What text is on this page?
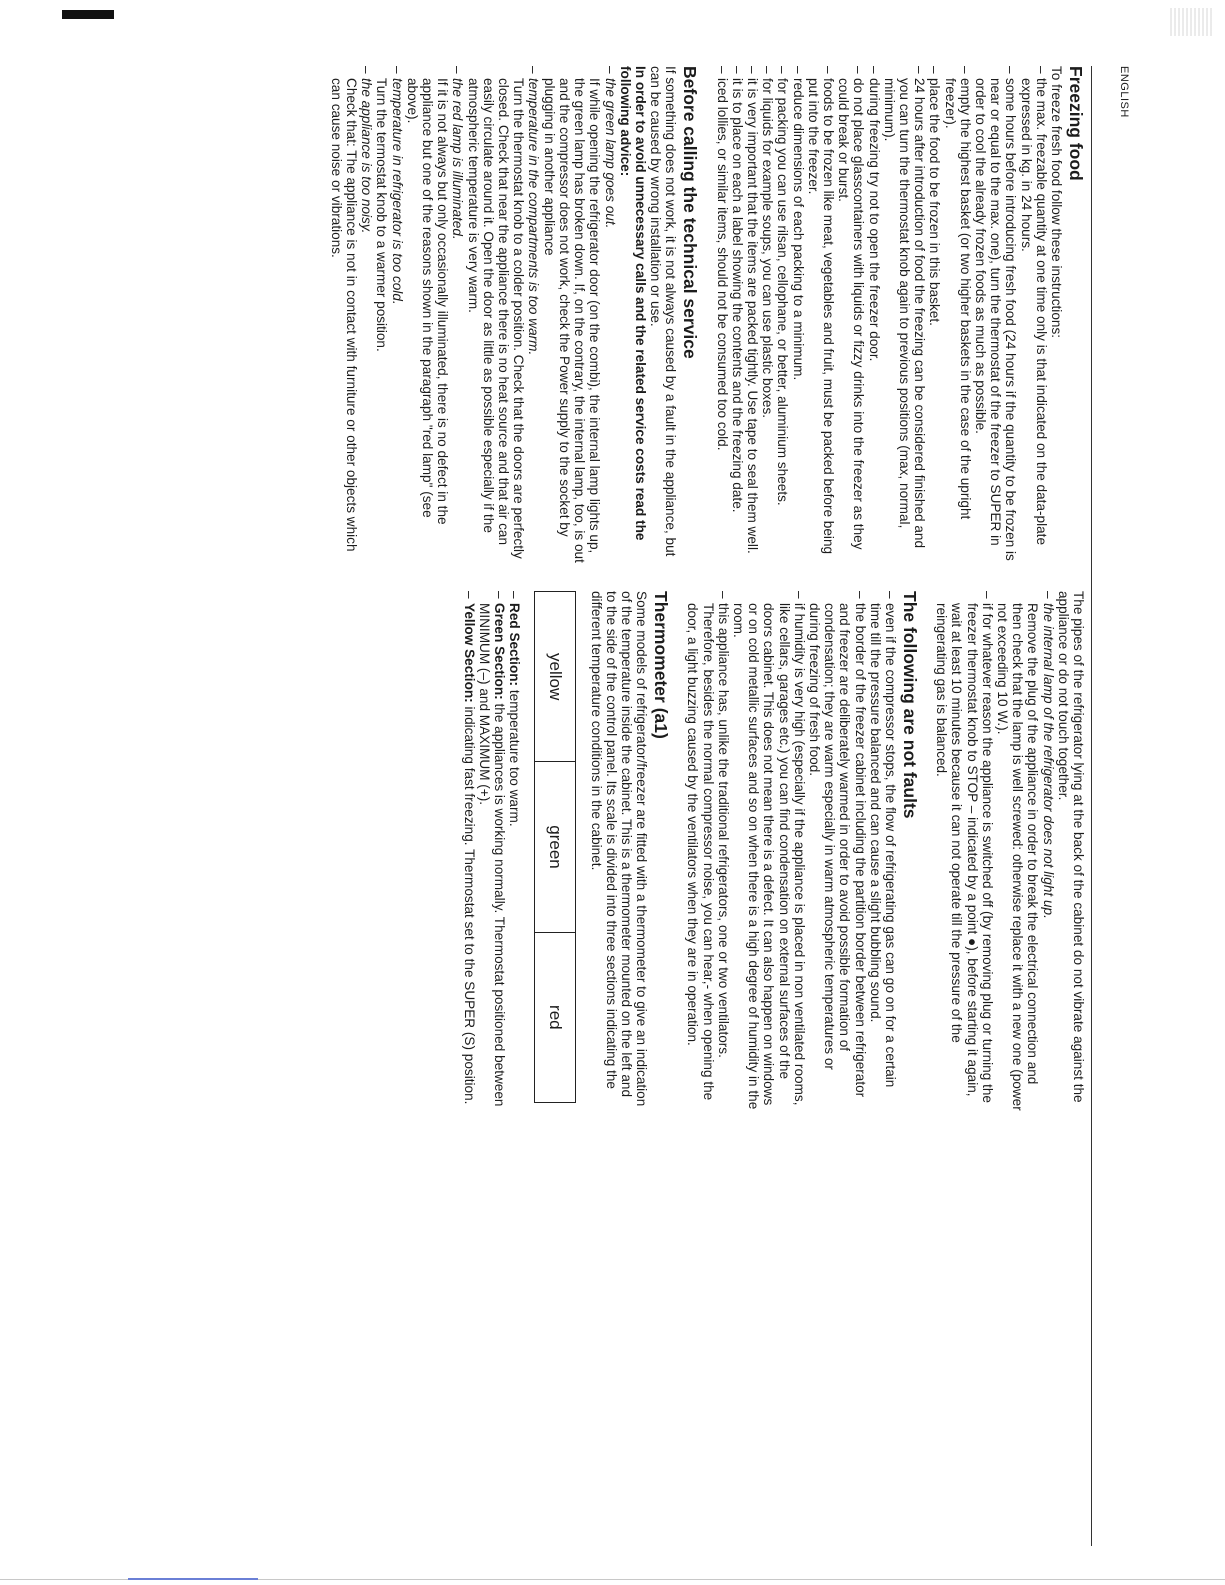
ENGLISH
Freezing food

To freeze fresh food follow these instructions:

– the max. freezable quantity at one time only is that indicated on the data-plate expressed in kg. in 24 hours.
– some hours before introducing fresh food (24 hours if the quantity to be frozen is near or equal to the max. one), turn the thermostat of the freezer to SUPER in order to cool the already frozen foods as much as possible.
– empty the highest basket (or two higher baskets in the case of the upright freezer).
– place the food to be frozen in this basket.
– 24 hours after introduction of food the freezing can be considered finished and you can turn the thermostat knob again to previous positions (max, normal, minimum).
– during freezing try not to open the freezer door.
– do not place glasscontainers with liquids or fizzy drinks into the freezer as they could break or burst.
– foods to be frozen like meat, vegetables and fruit, must be packed before being put into the freezer.
– reduce dimensions of each packing to a minimum.
– for packing you can use rilsan, cellophane, or better, aluminium sheets.
– for liquids for example soups, you can use plastic boxes.
– it is very important that the items are packed tightly. Use tape to seal them well.
– it is to place on each a label showing the contents and the freezing date.
– iced lollies, or similar items, should not be consumed too cold.
Before calling the technical service

If something does not work, it is not always caused by a fault in the appliance, but can be caused by wrong installation or use.

In order to avoid unnecessary calls and the related service costs read the following advice:

– the green lamp goes out.

If while opening the refrigerator door (on the combi), the internal lamp lights up, the green lamp has broken down. If, on the contrary, the internal lamp, too, is out and the compressor does not work, check the Power supply to the socket by plugging in another appliance

– temperature in the compartments is too warm.

Turn the thermostat knob to a colder position. Check that the doors are perfectly closed. Check that near the appliance there is no heat source and that air can easily circulate around it. Open the door as little as possible especially if the atmospheric temperature is very warm.

– the red lamp is illuminated.

If it is not always but only occasionally illuminated, there is no defect in the appliance but one of the reasons shown in the paragraph "red lamp" (see above).

– temperature in refrigerator is too cold.

Turn the termostat knob to a warmer position.

– the appliance is too noisy.

Check that: The appliance is not in contact with furniture or other objects which can cause noise or vibrations.

The pipes of the refrigerator lying at the back of the cabinet do not vibrate against the appliance or do not touch together.

– the internal lamp of the refrigerator does not light up.

Remove the plug of the appliance in order to break the electrical connection and then check that the lamp is well screwed: otherwise replace it with a new one (power not exceeding 10 W.).

– if for whatever reason the appliance is switched off (by removing plug or turning the freezer thermostat knob to STOP – indicated by a point ●), before starting it again, wait at least 10 minutes because it can not operate till the pressure of the reingerating gas is balanced.
The following are not faults
– even if the compressor stops, the flow of refrigerating gas can go on for a certain time till the pressure balanced and can cause a slight bubbling sound.
– the border of the freezer cabinet including the partition border between refrigerator and freezer are deliberately warmed in order to avoid possible formation of condensation; they are warm especially in warm atmospheric temperatures or during freezing of fresh food.
– if humidity is very high (especially if the appliance is placed in non ventilated rooms, like cellars, garages etc.) you can find condensation on external surfaces of the doors cabinet. This does not mean there is a defect. It can also happen on windows or on cold metallic surfaces and so on when there is a high degree of humidity in the room.
– this appliance has, unlike the traditional refrigerators, one or two ventilators. Therefore, besides the normal compressor noise, you can hear,- when opening the door, a light buzzing caused by the ventilators when they are in operation.
Thermometer (a1)

Some models of refrigerator/freezer are fitted with a thermometer to give an indication of the temperature inside the cabinet. This is a thermometer mounted on the left and to the side of the control panel. Its scale is divided into three sections indicating the different temperature conditions in the cabinet.

yellow
green
red
– Red Section: temperature too warm.
– Green Section: the appliances is working normally. Thermostat positioned between MINIMUM (–) and MAXIMUM (+).
– Yellow Section: indicating fast freezing. Thermostat set to the SUPER (S) position.
